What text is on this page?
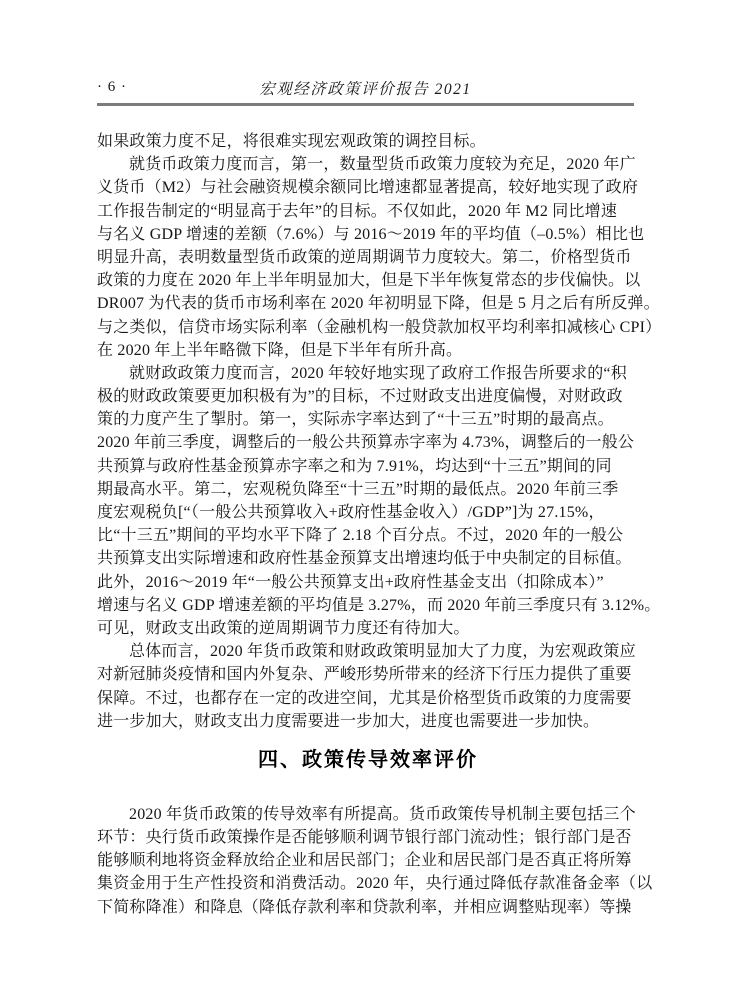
· 6 ·	宏观经济政策评价报告 2021
如果政策力度不足，将很难实现宏观政策的调控目标。
就货币政策力度而言，第一，数量型货币政策力度较为充足，2020 年广
义货币（M2）与社会融资规模余额同比增速都显著提高，较好地实现了政府
工作报告制定的“明显高于去年”的目标。不仅如此，2020 年 M2 同比增速
与名义 GDP 增速的差额（7.6%）与 2016～2019 年的平均值（–0.5%）相比也
明显升高，表明数量型货币政策的逆周期调节力度较大。第二，价格型货币
政策的力度在 2020 年上半年明显加大，但是下半年恢复常态的步伐偏快。以
DR007 为代表的货币市场利率在 2020 年初明显下降，但是 5 月之后有所反弹。
与之类似，信贷市场实际利率（金融机构一般贷款加权平均利率扣减核心 CPI）
在 2020 年上半年略微下降，但是下半年有所升高。
就财政政策力度而言，2020 年较好地实现了政府工作报告所要求的“积
极的财政政策要更加积极有为”的目标，不过财政支出进度偏慢，对财政政
策的力度产生了掣肘。第一，实际赤字率达到了“十三五”时期的最高点。
2020 年前三季度，调整后的一般公共预算赤字率为 4.73%，调整后的一般公
共预算与政府性基金预算赤字率之和为 7.91%，均达到“十三五”期间的同
期最高水平。第二，宏观税负降至“十三五”时期的最低点。2020 年前三季
度宏观税负[“（一般公共预算收入+政府性基金收入）/GDP”]为 27.15%，
比“十三五”期间的平均水平下降了 2.18 个百分点。不过，2020 年的一般公
共预算支出实际增速和政府性基金预算支出增速均低于中央制定的目标值。
此外，2016～2019 年“一般公共预算支出+政府性基金支出（扣除成本）”
增速与名义 GDP 增速差额的平均值是 3.27%，而 2020 年前三季度只有 3.12%。
可见，财政支出政策的逆周期调节力度还有待加大。
总体而言，2020 年货币政策和财政政策明显加大了力度，为宏观政策应
对新冠肺炎疫情和国内外复杂、严峻形势所带来的经济下行压力提供了重要
保障。不过，也都存在一定的改进空间，尤其是价格型货币政策的力度需要
进一步加大，财政支出力度需要进一步加大，进度也需要进一步加快。
四、政策传导效率评价
2020 年货币政策的传导效率有所提高。货币政策传导机制主要包括三个
环节：央行货币政策操作是否能够顺利调节银行部门流动性；银行部门是否
能够顺利地将资金释放给企业和居民部门；企业和居民部门是否真正将所筹
集资金用于生产性投资和消费活动。2020 年，央行通过降低存款准备金率（以
下简称降准）和降息（降低存款利率和贷款利率，并相应调整贴现率）等操
